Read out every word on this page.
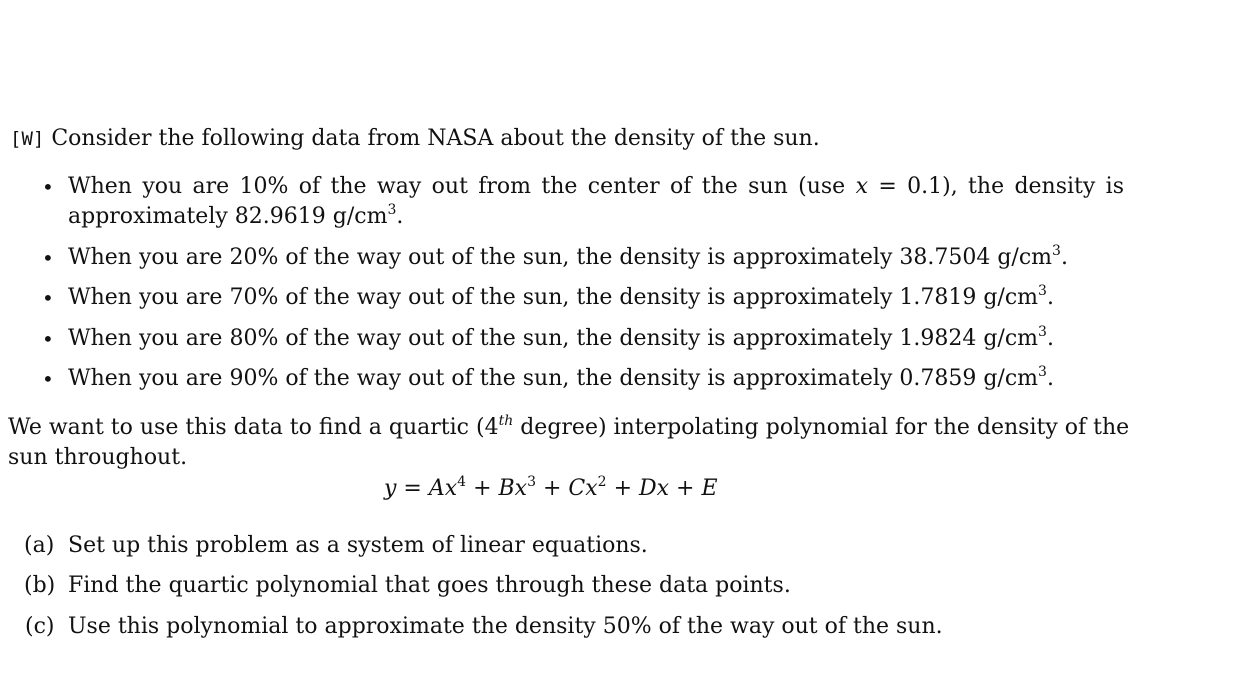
[W] Consider the following data from NASA about the density of the sun.
• When you are 10% of the way out from the center of the sun (use x = 0.1), the density is
approximately 82.9619 $g/cm^3$.
• When you are 20% of the way out of the sun, the density is approximately 38.7504 $g/cm^3$.
• When you are 70% of the way out of the sun, the density is approximately 1.7819 $g/cm^3$.
• When you are 80% of the way out of the sun, the density is approximately 1.9824 $g/cm^3$.
• When you are 90% of the way out of the sun, the density is approximately 0.7859 $g/cm^3$.
We want to use this data to find a quartic (4th degree) interpolating polynomial for the density of the
sun throughout.
$y = Ax^4 + Bx^3 + Cx^2 + Dx + E$
(a) Set up this problem as a system of linear equations.
(b) Find the quartic polynomial that goes through these data points.
(c) Use this polynomial to approximate the density 50% of the way out of the sun.
